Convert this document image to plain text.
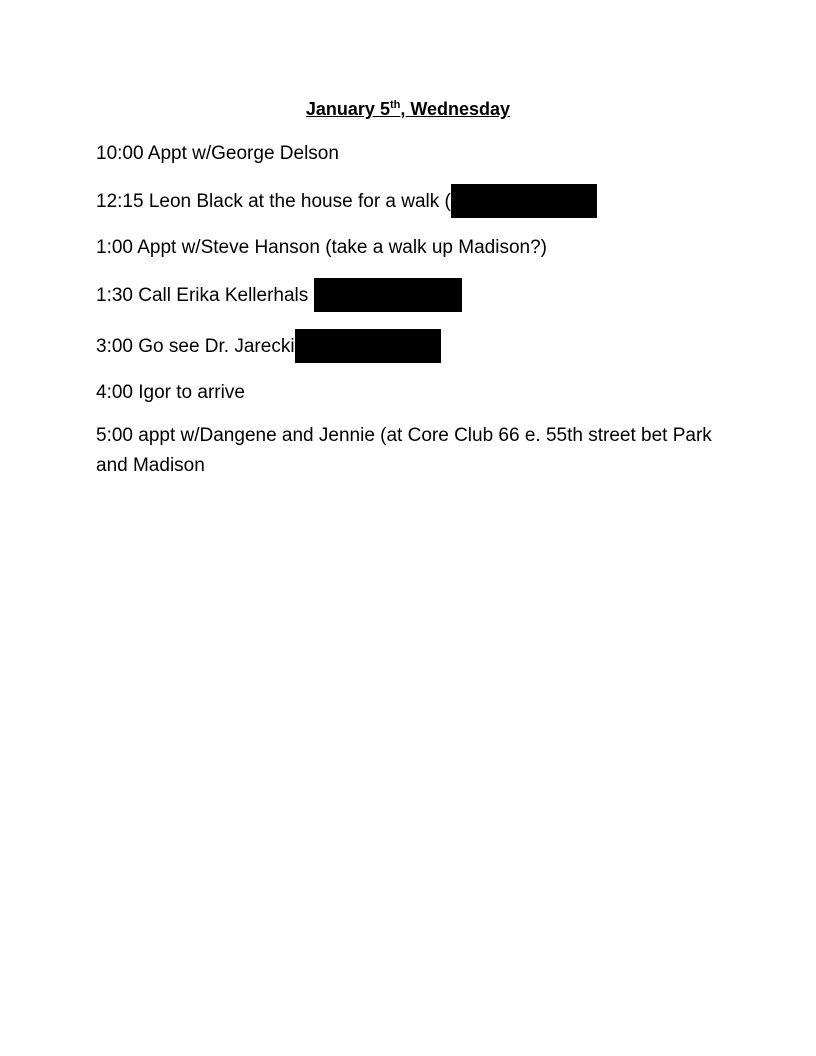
January 5th, Wednesday
10:00 Appt w/George Delson
12:15 Leon Black at the house for a walk (
1:00 Appt w/Steve Hanson (take a walk up Madison?)
1:30 Call Erika Kellerhals
3:00 Go see Dr. Jarecki
4:00 Igor to arrive
5:00 appt w/Dangene and Jennie (at Core Club 66 e. 55th street bet Park and Madison
